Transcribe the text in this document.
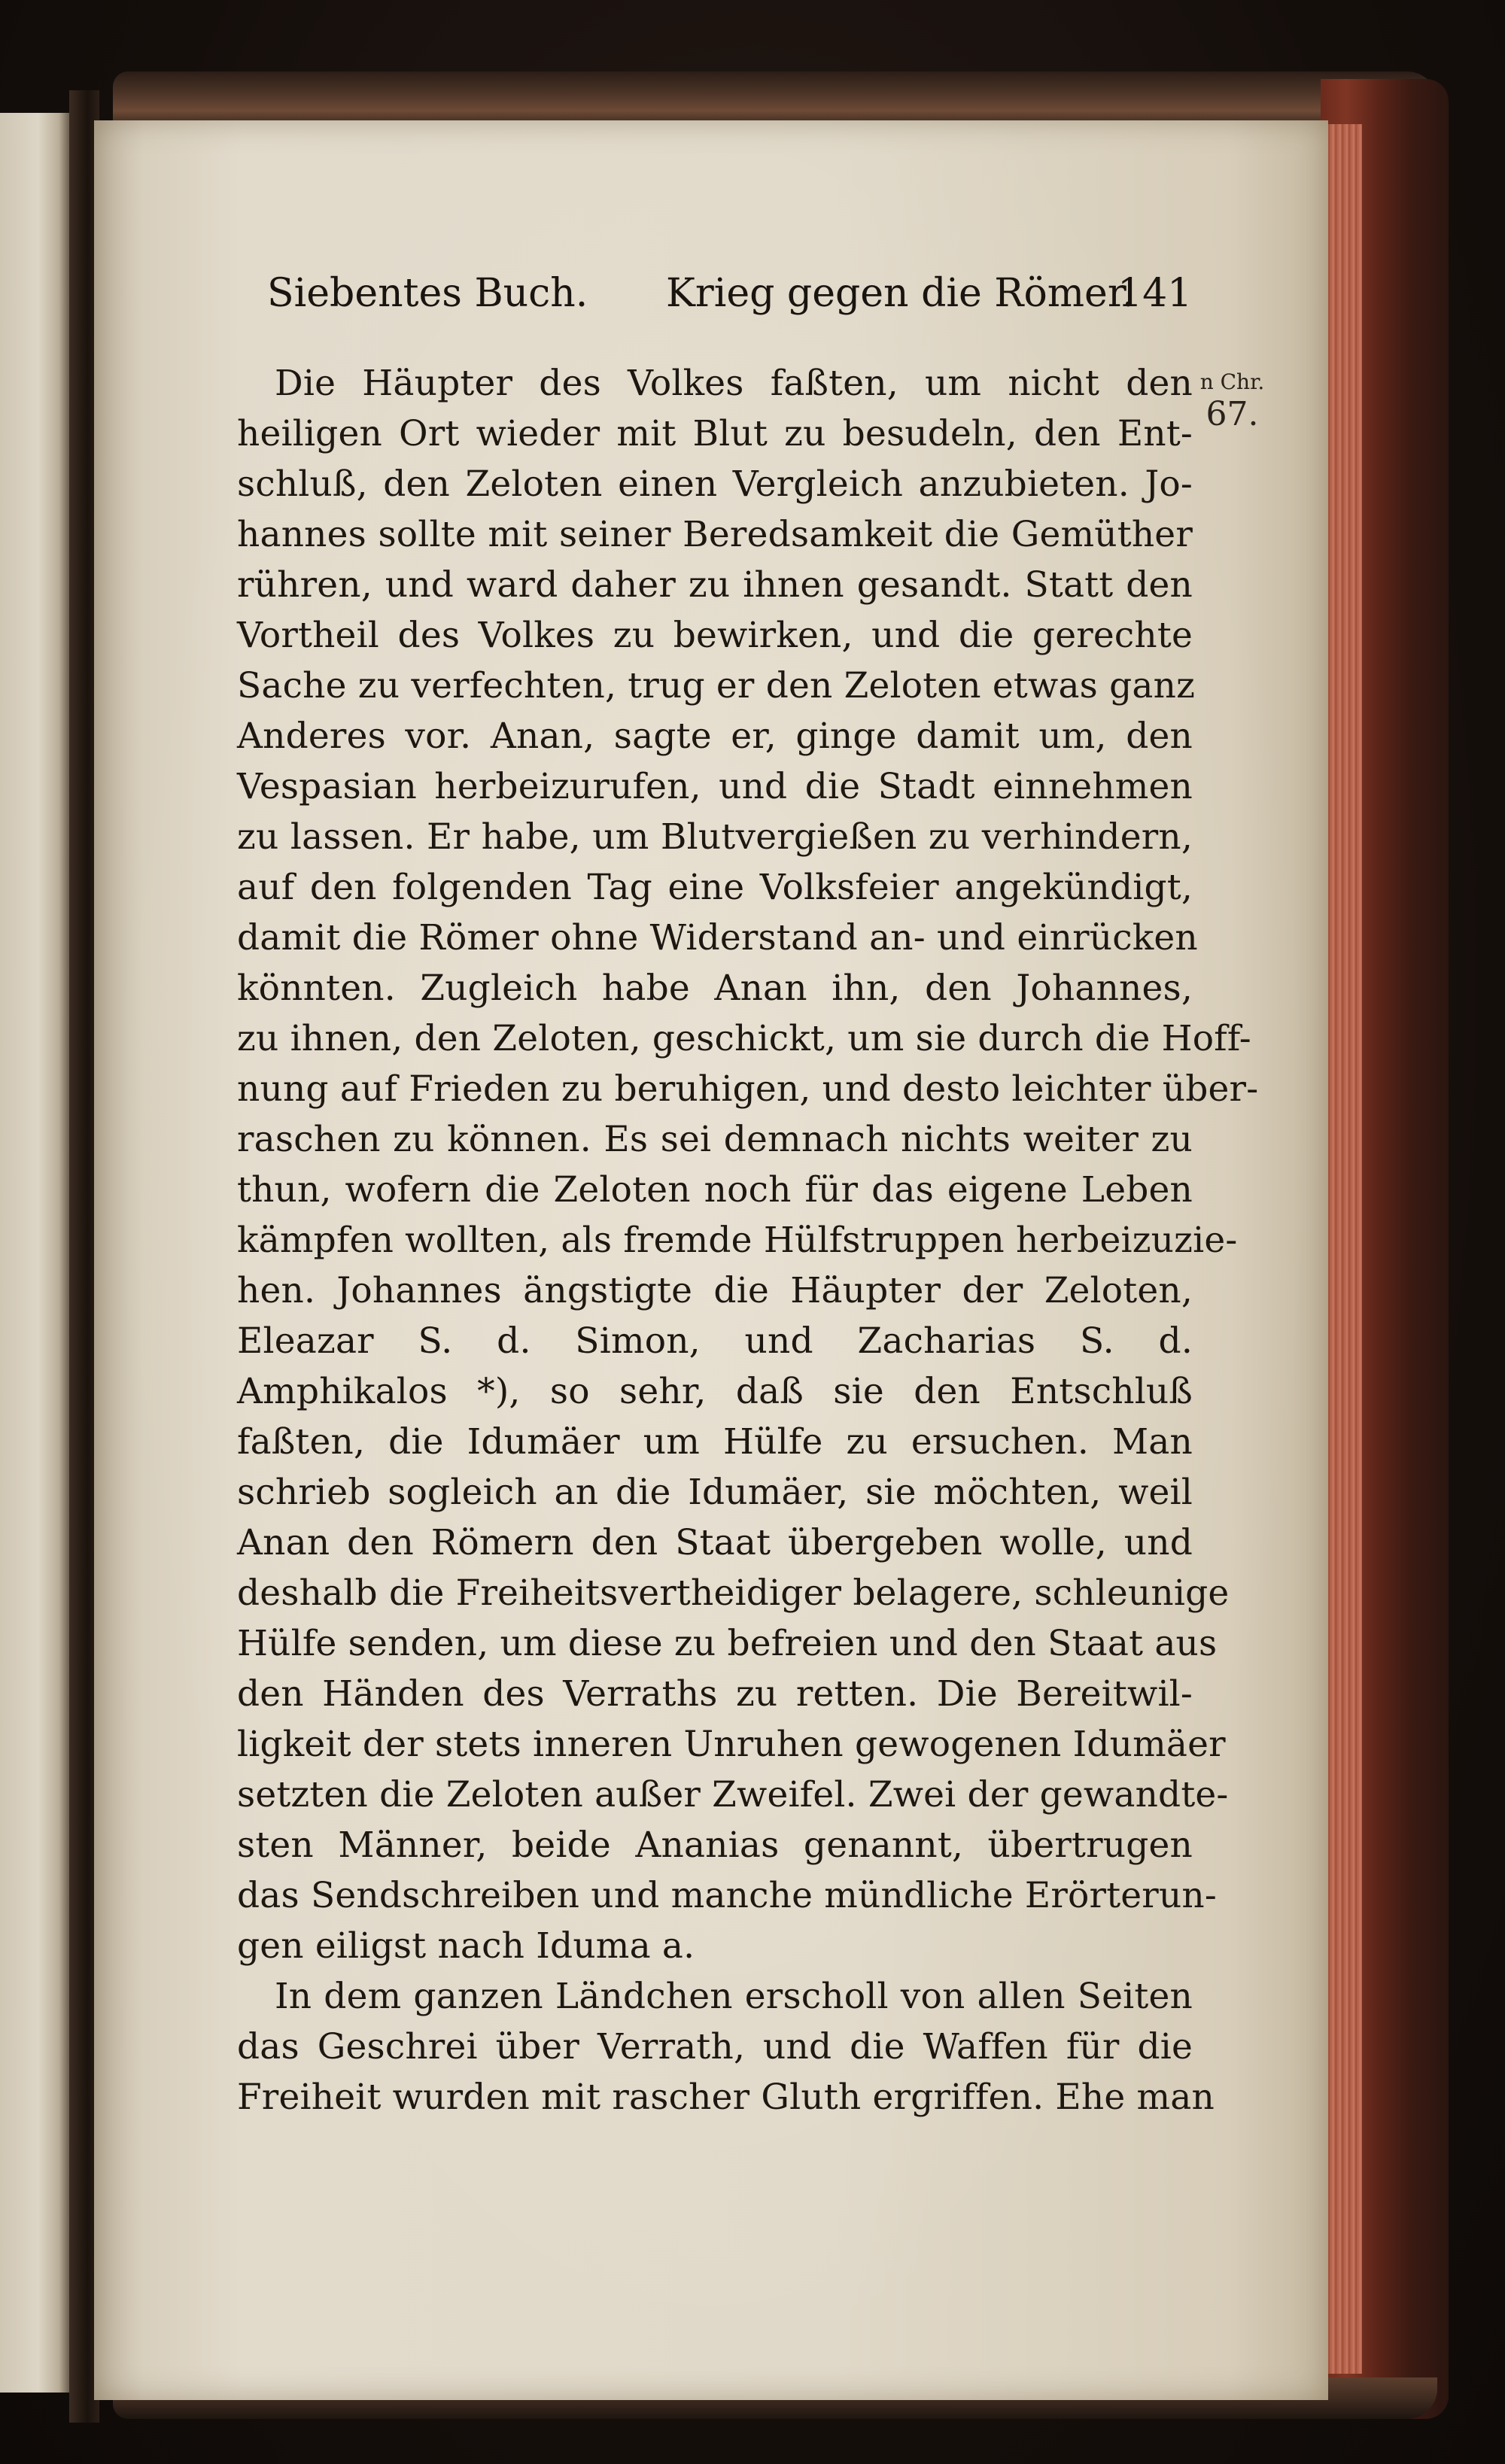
Siebentes Buch. Krieg gegen die Römer.
141
n Chr.
67.

Die Häupter des Volkes faßten, um nicht den

heiligen Ort wieder mit Blut zu besudeln, den Ent-

schluß, den Zeloten einen Vergleich anzubieten. Jo-

hannes sollte mit seiner Beredsamkeit die Gemüther

rühren, und ward daher zu ihnen gesandt. Statt den

Vortheil des Volkes zu bewirken, und die gerechte

Sache zu verfechten, trug er den Zeloten etwas ganz

Anderes vor. Anan, sagte er, ginge damit um, den

Vespasian herbeizurufen, und die Stadt einnehmen

zu lassen. Er habe, um Blutvergießen zu verhindern,

auf den folgenden Tag eine Volksfeier angekündigt,

damit die Römer ohne Widerstand an- und einrücken

könnten. Zugleich habe Anan ihn, den Johannes,

zu ihnen, den Zeloten, geschickt, um sie durch die Hoff-

nung auf Frieden zu beruhigen, und desto leichter über-

raschen zu können. Es sei demnach nichts weiter zu

thun, wofern die Zeloten noch für das eigene Leben

kämpfen wollten, als fremde Hülfstruppen herbeizuzie-

hen. Johannes ängstigte die Häupter der Zeloten,

Eleazar S. d. Simon, und Zacharias S. d.

Amphikalos *), so sehr, daß sie den Entschluß

faßten, die Idumäer um Hülfe zu ersuchen. Man

schrieb sogleich an die Idumäer, sie möchten, weil

Anan den Römern den Staat übergeben wolle, und

deshalb die Freiheitsvertheidiger belagere, schleunige

Hülfe senden, um diese zu befreien und den Staat aus

den Händen des Verraths zu retten. Die Bereitwil-

ligkeit der stets inneren Unruhen gewogenen Idumäer

setzten die Zeloten außer Zweifel. Zwei der gewandte-

sten Männer, beide Ananias genannt, übertrugen

das Sendschreiben und manche mündliche Erörterun-

gen eiligst nach Iduma a.

In dem ganzen Ländchen erscholl von allen Seiten

das Geschrei über Verrath, und die Waffen für die

Freiheit wurden mit rascher Gluth ergriffen. Ehe man
